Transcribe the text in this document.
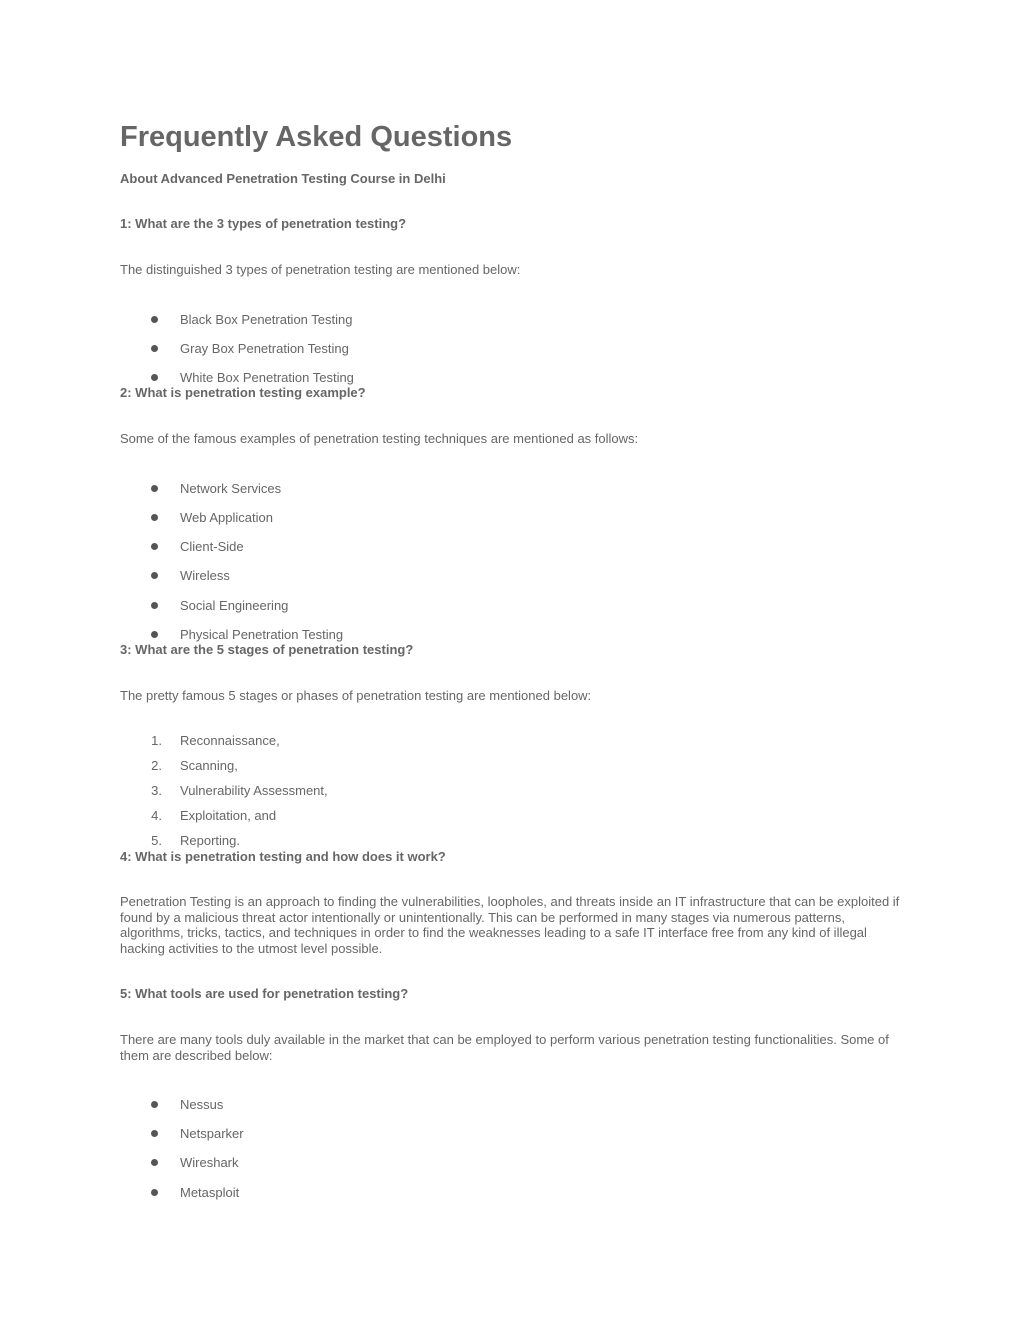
Frequently Asked Questions
About Advanced Penetration Testing Course in Delhi
1: What are the 3 types of penetration testing?
The distinguished 3 types of penetration testing are mentioned below:
Black Box Penetration Testing
Gray Box Penetration Testing
White Box Penetration Testing
2: What is penetration testing example?
Some of the famous examples of penetration testing techniques are mentioned as follows:
Network Services
Web Application
Client-Side
Wireless
Social Engineering
Physical Penetration Testing
3: What are the 5 stages of penetration testing?
The pretty famous 5 stages or phases of penetration testing are mentioned below:
1. Reconnaissance,
2. Scanning,
3. Vulnerability Assessment,
4. Exploitation, and
5. Reporting.
4: What is penetration testing and how does it work?

Penetration Testing is an approach to finding the vulnerabilities, loopholes, and threats inside an IT infrastructure that can be exploited if found by a malicious threat actor intentionally or unintentionally. This can be performed in many stages via numerous patterns, algorithms, tricks, tactics, and techniques in order to find the weaknesses leading to a safe IT interface free from any kind of illegal hacking activities to the utmost level possible.

5: What tools are used for penetration testing?

There are many tools duly available in the market that can be employed to perform various penetration testing functionalities. Some of them are described below:

Nessus
Netsparker
Wireshark
Metasploit
